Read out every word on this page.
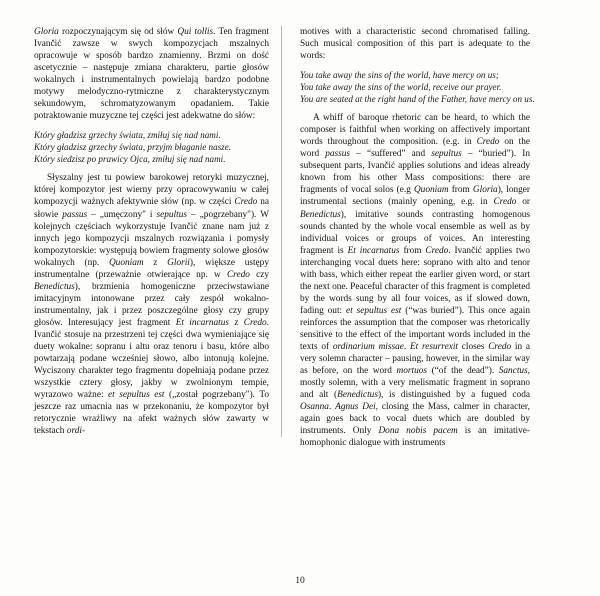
Gloria rozpoczynającym się od słów Qui tollis. Ten fragment Ivančić zawsze w swych kompozycjach mszalnych opracowuje w sposób bardzo znamienny. Brzmi on dość ascetycznie – następuje zmiana charakteru, partie głosów wokalnych i instrumentalnych powielają bardzo podobne motywy melodyczno-rytmiczne z charakterystycznym sekundowym, schromatyzowanym opadaniem. Takie potraktowanie muzyczne tej części jest adekwatne do słów:

Który gładzisz grzechy świata, zmiłuj się nad nami.
Który gładzisz grzechy świata, przyjm błaganie nasze.
Który siedzisz po prawicy Ojca, zmiłuj się nad nami.

Słyszalny jest tu powiew barokowej retoryki muzycznej, której kompozytor jest wierny przy opracowywaniu w całej kompozycji ważnych afektywnie słów (np. w części Credo na słowie passus – „umęczony" i sepultus – „pogrzebany"). W kolejnych częściach wykorzystuje Ivančić znane nam już z innych jego kompozycji mszalnych rozwiązania i pomysły kompozytorskie: występują bowiem fragmenty solowe głosów wokalnych (np. Quoniam z Glorii), większe ustępy instrumentalne (przeważnie otwierające np. w Credo czy Benedictus), brzmienia homogeniczne przeciwstawiane imitacyjnym intonowane przez cały zespół wokalno-instrumentalny, jak i przez poszczególne głosy czy grupy głosów. Interesujący jest fragment Et incarnatus z Credo. Ivančić stosuje na przestrzeni tej części dwa wymieniające się duety wokalne: sopranu i altu oraz tenoru i basu, które albo powtarzają podane wcześniej słowo, albo intonują kolejne. Wyciszony charakter tego fragmentu dopełniają podane przez wszystkie cztery głosy, jakby w zwolnionym tempie, wyrazowo ważne: et sepultus est („został pogrzebany"). To jeszcze raz umacnia nas w przekonaniu, że kompozytor był retorycznie wrażliwy na afekt ważnych słów zawarty w tekstach ordi-

motives with a characteristic second chromatised falling. Such musical composition of this part is adequate to the words:

You take away the sins of the world, have mercy on us;
You take away the sins of the world, receive our prayer.
You are seated at the right hand of the Father, have mercy on us.

A whiff of baroque rhetoric can be heard, to which the composer is faithful when working on affectively important words throughout the composition. (e.g. in Credo on the word passus – “suffered” and sepultus – “buried”). In subsequent parts, Ivančić applies solutions and ideas already known from his other Mass compositions: there are fragments of vocal solos (e.g Quoniam from Gloria), longer instrumental sections (mainly opening, e.g. in Credo or Benedictus), imitative sounds contrasting homogenous sounds chanted by the whole vocal ensemble as well as by individual voices or groups of voices. An interesting fragment is Et incarnatus from Credo. Ivančić applies two interchanging vocal duets here: soprano with alto and tenor with bass, which either repeat the earlier given word, or start the next one. Peaceful character of this fragment is completed by the words sung by all four voices, as if slowed down, fading out: et sepultus est (“was buried”). This once again reinforces the assumption that the composer was rhetorically sensitive to the effect of the important words included in the texts of ordinarium missae. Et resurrexit closes Credo in a very solemn character – pausing, however, in the similar way as before, on the word mortuos (“of the dead”). Sanctus, mostly solemn, with a very melismatic fragment in soprano and alt (Benedictus), is distinguished by a fugued coda Osanna. Agnus Dei, closing the Mass, calmer in character, again goes back to vocal duets which are doubled by instruments. Only Dona nobis pacem is an imitative-homophonic dialogue with instruments

10
